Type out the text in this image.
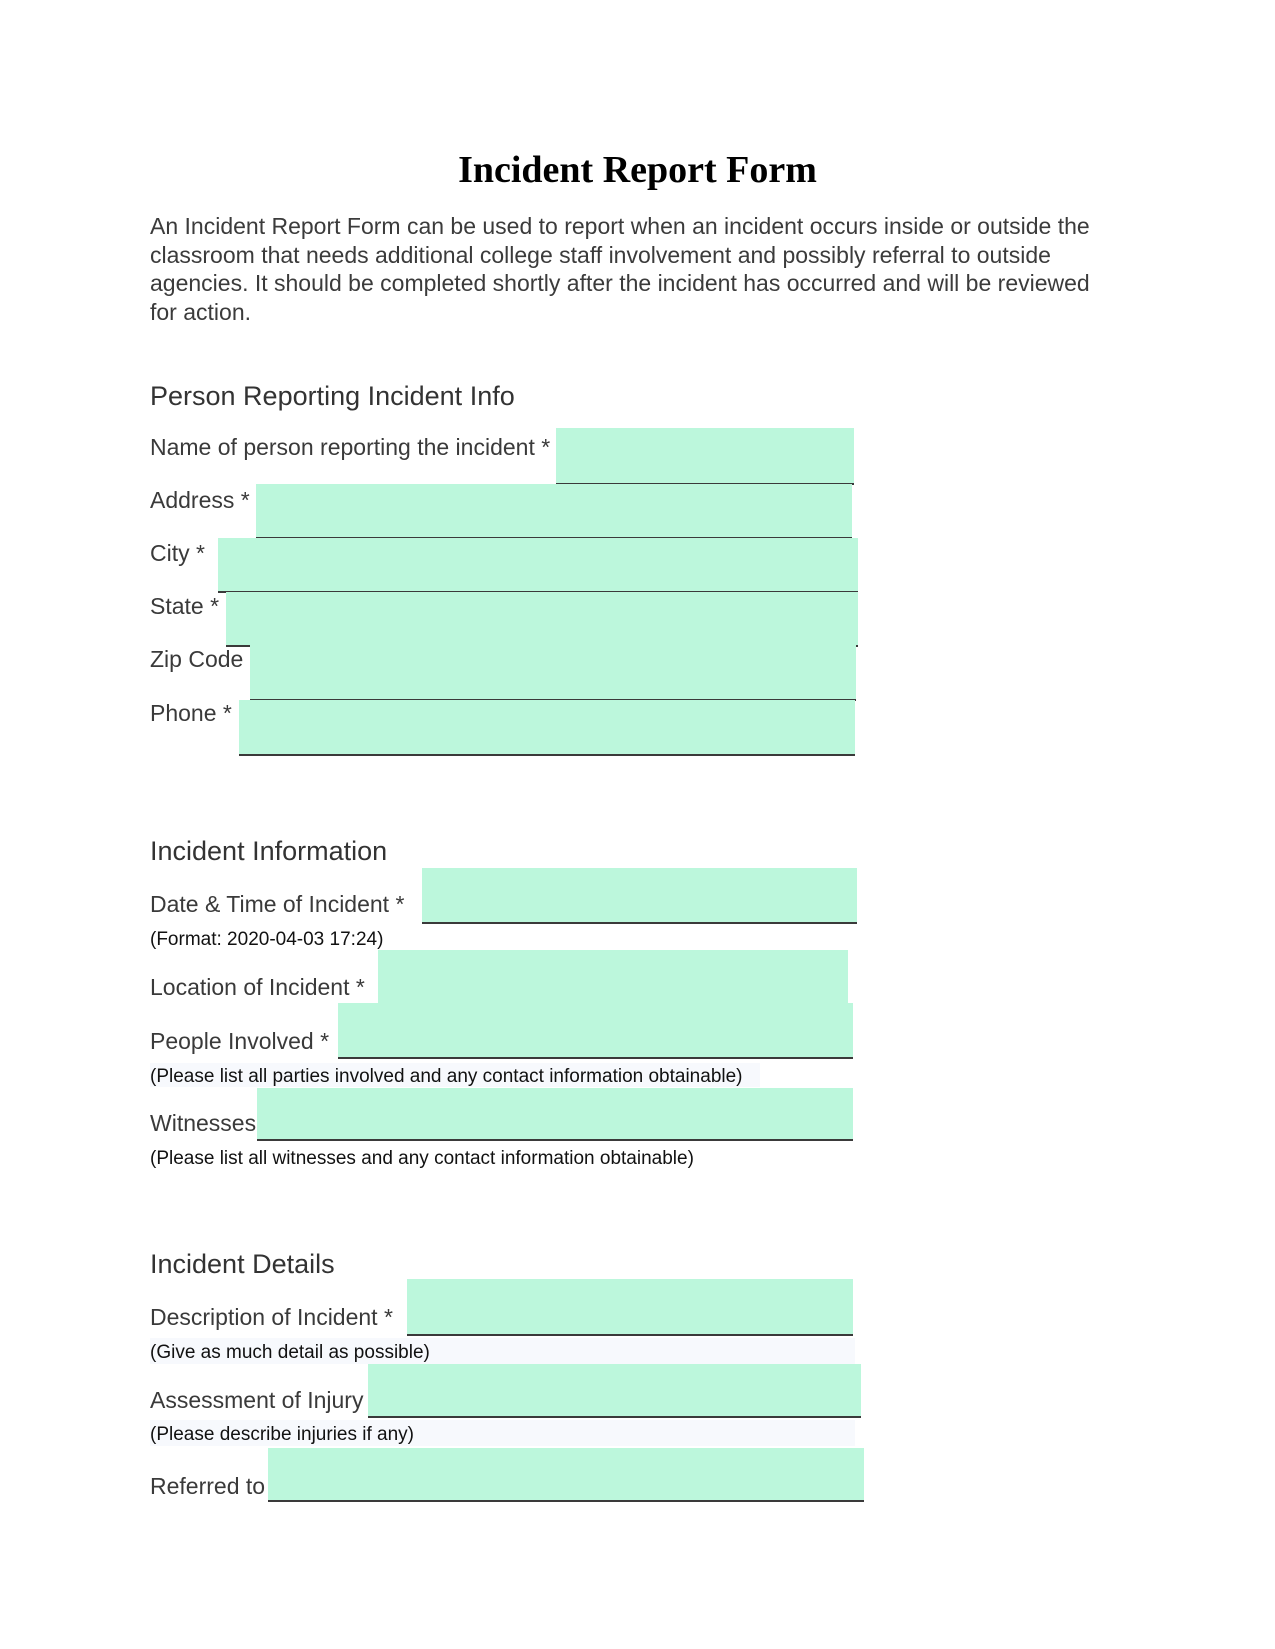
Incident Report Form
An Incident Report Form can be used to report when an incident occurs inside or outside the classroom that needs additional college staff involvement and possibly referral to outside agencies. It should be completed shortly after the incident has occurred and will be reviewed for action.
Person Reporting Incident Info
Name of person reporting the incident *
Address *
City *
State *
Zip Code
Phone *
Incident Information
Date & Time of Incident *
(Format: 2020-04-03 17:24)
Location of Incident *
People Involved *
(Please list all parties involved and any contact information obtainable)
Witnesses
(Please list all witnesses and any contact information obtainable)
Incident Details
Description of Incident *
(Give as much detail as possible)
Assessment of Injury
(Please describe injuries if any)
Referred to
